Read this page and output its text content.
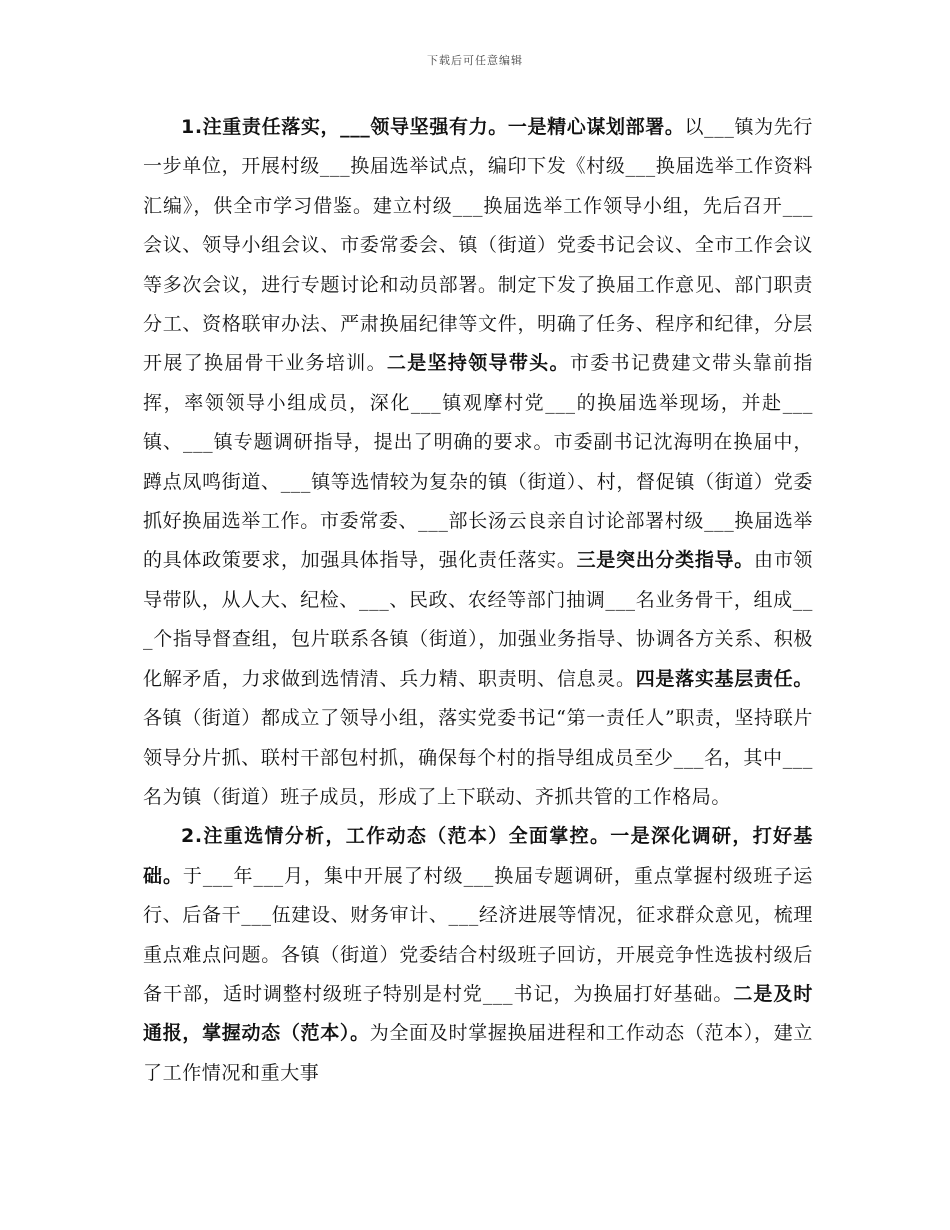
下载后可任意编辑

1.注重责任落实，___领导坚强有力。一是精心谋划部署。以___镇为先行一步单位，开展村级___换届选举试点，编印下发《村级___换届选举工作资料汇编》，供全市学习借鉴。建立村级___换届选举工作领导小组，先后召开___会议、领导小组会议、市委常委会、镇（街道）党委书记会议、全市工作会议等多次会议，进行专题讨论和动员部署。制定下发了换届工作意见、部门职责分工、资格联审办法、严肃换届纪律等文件，明确了任务、程序和纪律，分层开展了换届骨干业务培训。二是坚持领导带头。市委书记费建文带头靠前指挥，率领领导小组成员，深化___镇观摩村党___的换届选举现场，并赴___镇、___镇专题调研指导，提出了明确的要求。市委副书记沈海明在换届中，蹲点凤鸣街道、___镇等选情较为复杂的镇（街道）、村，督促镇（街道）党委抓好换届选举工作。市委常委、___部长汤云良亲自讨论部署村级___换届选举的具体政策要求，加强具体指导，强化责任落实。三是突出分类指导。由市领导带队，从人大、纪检、___、民政、农经等部门抽调___名业务骨干，组成___个指导督查组，包片联系各镇（街道），加强业务指导、协调各方关系、积极化解矛盾，力求做到选情清、兵力精、职责明、信息灵。四是落实基层责任。各镇（街道）都成立了领导小组，落实党委书记“第一责任人”职责，坚持联片领导分片抓、联村干部包村抓，确保每个村的指导组成员至少___名，其中___名为镇（街道）班子成员，形成了上下联动、齐抓共管的工作格局。

2.注重选情分析，工作动态（范本）全面掌控。一是深化调研，打好基础。于___年___月，集中开展了村级___换届专题调研，重点掌握村级班子运行、后备干___伍建设、财务审计、___经济进展等情况，征求群众意见，梳理重点难点问题。各镇（街道）党委结合村级班子回访，开展竞争性选拔村级后备干部，适时调整村级班子特别是村党___书记，为换届打好基础。二是及时通报，掌握动态（范本）。为全面及时掌握换届进程和工作动态（范本），建立了工作情况和重大事
